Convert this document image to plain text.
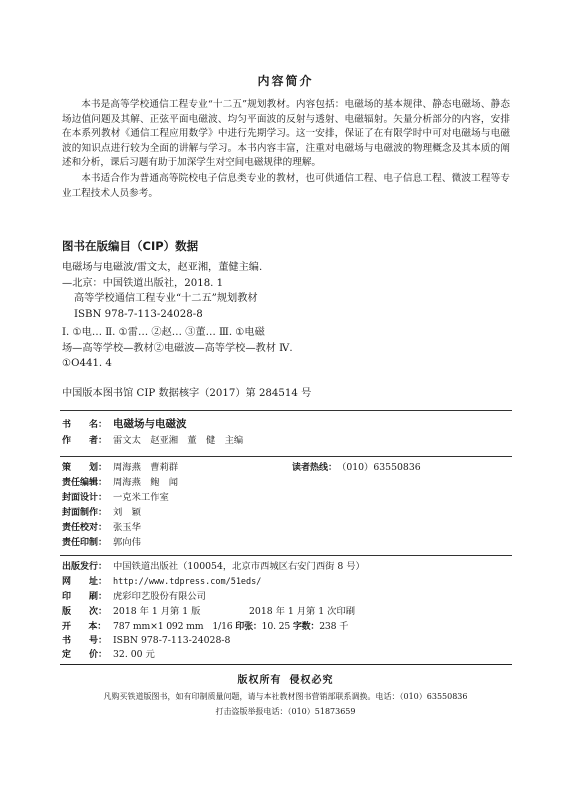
内容简介

本书是高等学校通信工程专业“十二五”规划教材。内容包括：电磁场的基本规律、静态电磁场、静态场边值问题及其解、正弦平面电磁波、均匀平面波的反射与透射、电磁辐射。矢量分析部分的内容，安排在本系列教材《通信工程应用数学》中进行先期学习。这一安排，保证了在有限学时中可对电磁场与电磁波的知识点进行较为全面的讲解与学习。本书内容丰富，注重对电磁场与电磁波的物理概念及其本质的阐述和分析，课后习题有助于加深学生对空间电磁规律的理解。

本书适合作为普通高等院校电子信息类专业的教材，也可供通信工程、电子信息工程、微波工程等专业工程技术人员参考。

图书在版编目（CIP）数据
电磁场与电磁波/雷文太，赵亚湘，董健主编.
—北京：中国铁道出版社，2018. 1
高等学校通信工程专业“十二五”规划教材
ISBN 978-7-113-24028-8
Ⅰ. ①电… Ⅱ. ①雷… ②赵… ③董… Ⅲ. ①电磁
场—高等学校—教材②电磁波—高等学校—教材 Ⅳ.
①O441. 4
中国版本图书馆 CIP 数据核字（2017）第 284514 号
书　　名： 电磁场与电磁波
作　　者： 雷文太　赵亚湘　董　健　主编
策　　划： 周海燕　曹莉群	读者热线：（010）63550836
责任编辑： 周海燕　鲍　闻
封面设计： 一克米工作室
封面制作： 刘　颖
责任校对： 张玉华
责任印制： 郭向伟
出版发行： 中国铁道出版社（100054，北京市西城区右安门西街 8 号）
网　　址： http://www.tdpress.com/51eds/
印　　刷： 虎彩印艺股份有限公司
版　　次： 2018 年 1 月第 1 版	2018 年 1 月第 1 次印刷
开　　本： 787 mm×1 092 mm　1/16 印张：10. 25 字数：238 千
书　　号： ISBN 978-7-113-24028-8
定　　价： 32. 00 元
版权所有 侵权必究
凡购买铁道版图书，如有印制质量问题，请与本社教材图书营销部联系调换。电话：（010）63550836
打击盗版举报电话：（010）51873659
